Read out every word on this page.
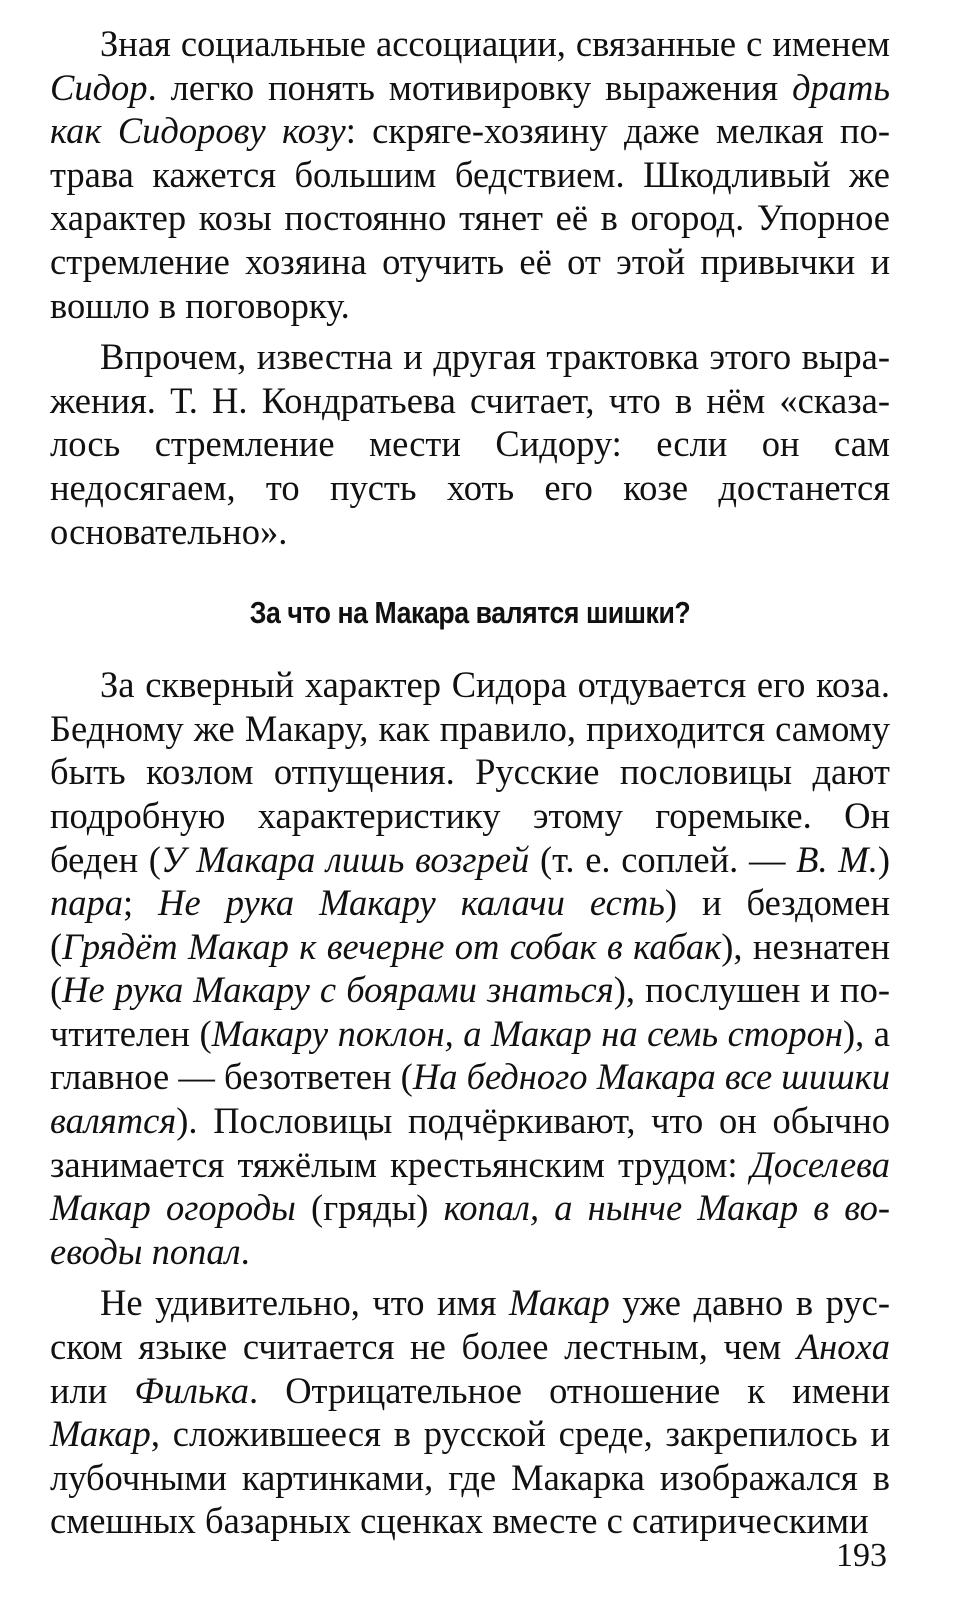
Зная социальные ассоциации, связанные с именем Сидор. легко понять мотивировку выражения драть как Сидорову козу: скряге-хозяину даже мелкая потрава кажется большим бедствием. Шкодливый же характер козы постоянно тянет её в огород. Упорное стремление хозяина отучить её от этой привычки и вошло в поговорку.

Впрочем, известна и другая трактовка этого выражения. Т. Н. Кондратьева считает, что в нём «сказалось стремление мести Сидору: если он сам недосягаем, то пусть хоть его козе достанется основательно».

За что на Макара валятся шишки?

За скверный характер Сидора отдувается его коза. Бедному же Макару, как правило, приходится самому быть козлом отпущения. Русские пословицы дают подробную характеристику этому горемыке. Он беден (У Макара лишь возгрей (т. е. соплей. — В. М.) пара; Не рука Макару калачи есть) и бездомен (Грядёт Макар к вечерне от собак в кабак), незнатен (Не рука Макару с боярами знаться), послушен и почтителен (Макару поклон, а Макар на семь сторон), а главное — безответен (На бедного Макара все шишки валятся). Пословицы подчёркивают, что он обычно занимается тяжёлым крестьянским трудом: Доселева Макар огороды (гряды) копал, а нынче Макар в воеводы попал.

Не удивительно, что имя Макар уже давно в русском языке считается не более лестным, чем Анoxa или Филька. Отрицательное отношение к имени Макар, сложившееся в русской среде, закрепилось и лубочными картинками, где Макарка изображался в смешных базарных сценках вместе с сатирическими

193
